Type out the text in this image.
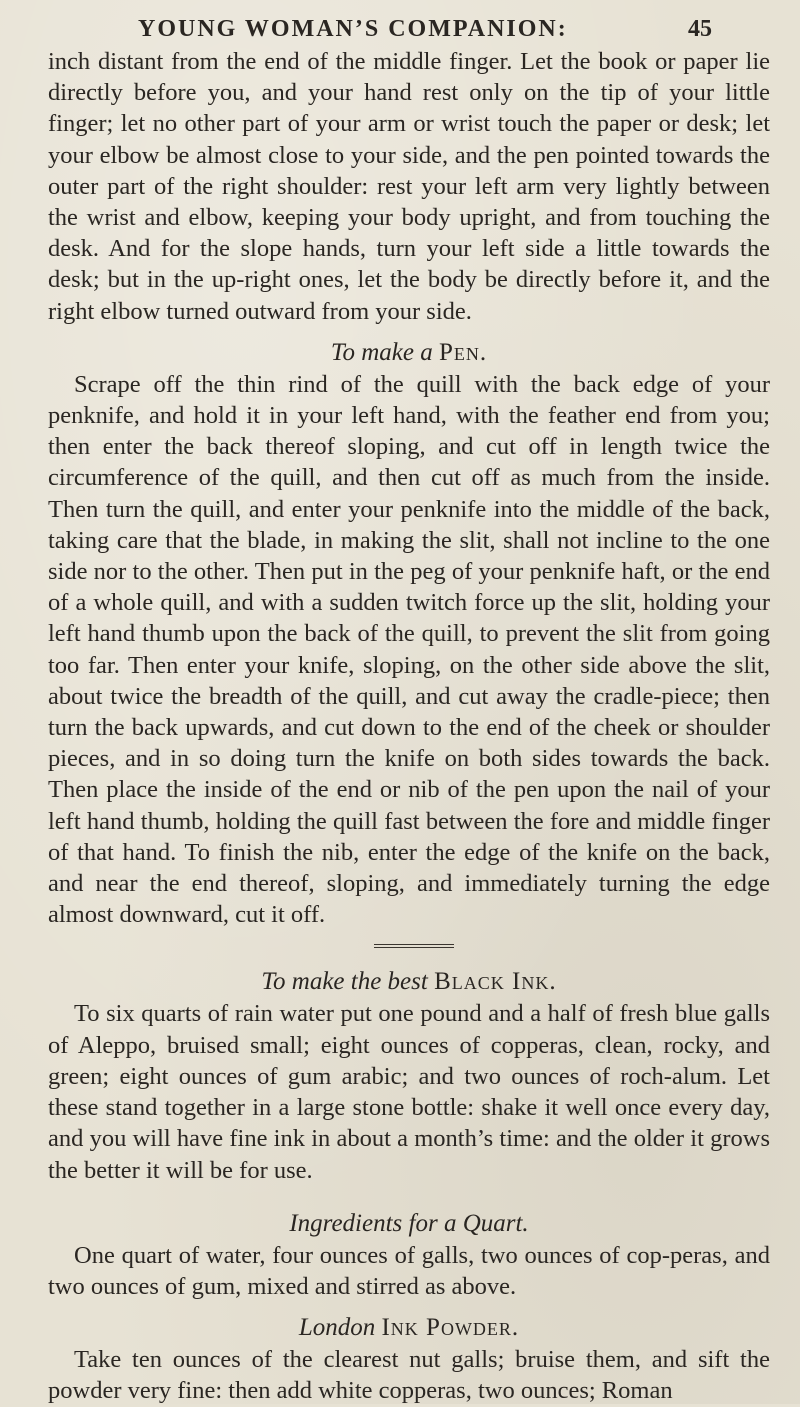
YOUNG WOMAN’S COMPANION:	45

inch distant from the end of the middle finger. Let the book or paper lie directly before you, and your hand rest only on the tip of your little finger; let no other part of your arm or wrist touch the paper or desk; let your elbow be almost close to your side, and the pen pointed towards the outer part of the right shoulder: rest your left arm very lightly between the wrist and elbow, keeping your body upright, and from touching the desk. And for the slope hands, turn your left side a little towards the desk; but in the up-right ones, let the body be directly before it, and the right elbow turned outward from your side.

To make a Pen.

Scrape off the thin rind of the quill with the back edge of your penknife, and hold it in your left hand, with the feather end from you; then enter the back thereof sloping, and cut off in length twice the circumference of the quill, and then cut off as much from the inside. Then turn the quill, and enter your penknife into the middle of the back, taking care that the blade, in making the slit, shall not incline to the one side nor to the other. Then put in the peg of your penknife haft, or the end of a whole quill, and with a sudden twitch force up the slit, holding your left hand thumb upon the back of the quill, to prevent the slit from going too far. Then enter your knife, sloping, on the other side above the slit, about twice the breadth of the quill, and cut away the cradle-piece; then turn the back upwards, and cut down to the end of the cheek or shoulder pieces, and in so doing turn the knife on both sides towards the back. Then place the inside of the end or nib of the pen upon the nail of your left hand thumb, holding the quill fast between the fore and middle finger of that hand. To finish the nib, enter the edge of the knife on the back, and near the end thereof, sloping, and immediately turning the edge almost downward, cut it off.

To make the best Black Ink.

To six quarts of rain water put one pound and a half of fresh blue galls of Aleppo, bruised small; eight ounces of copperas, clean, rocky, and green; eight ounces of gum arabic; and two ounces of roch-alum. Let these stand together in a large stone bottle: shake it well once every day, and you will have fine ink in about a month’s time: and the older it grows the better it will be for use.

Ingredients for a Quart.

One quart of water, four ounces of galls, two ounces of cop-peras, and two ounces of gum, mixed and stirred as above.

London Ink Powder.

Take ten ounces of the clearest nut galls; bruise them, and sift the powder very fine: then add white copperas, two ounces; Roman
